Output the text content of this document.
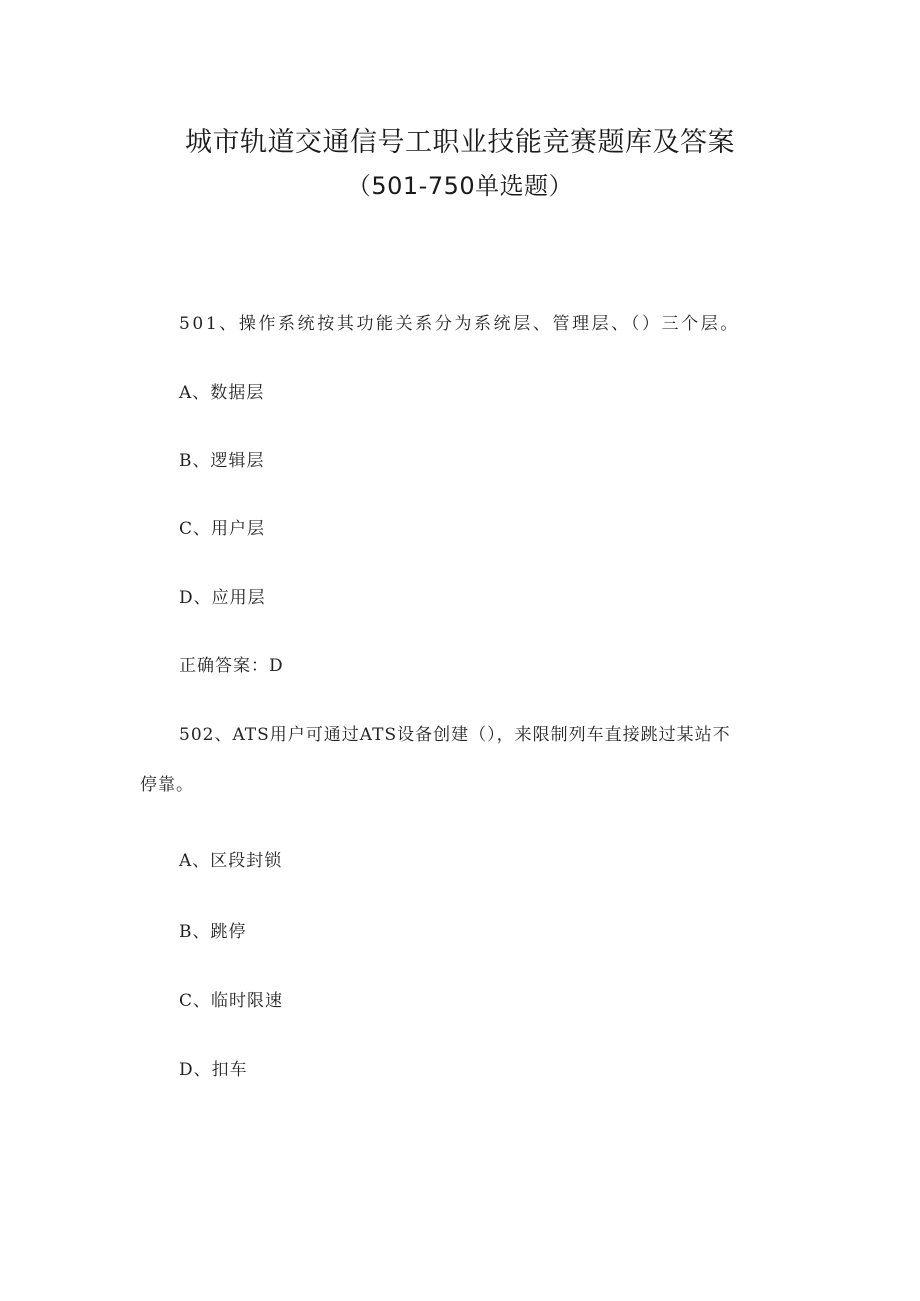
城市轨道交通信号工职业技能竞赛题库及答案
（501-750单选题）

501、操作系统按其功能关系分为系统层、管理层、（）三个层。

A、数据层

B、逻辑层

C、用户层

D、应用层

正确答案：D

502、ATS用户可通过ATS设备创建（），来限制列车直接跳过某站不

停靠。

A、区段封锁

B、跳停

C、临时限速

D、扣车
